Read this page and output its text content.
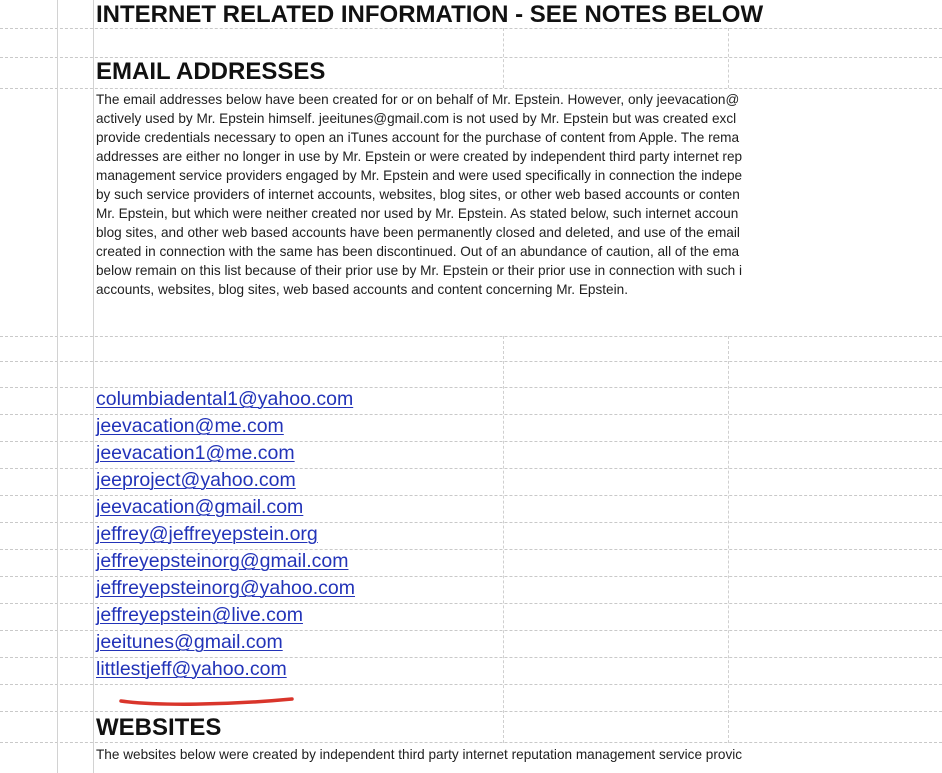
INTERNET RELATED INFORMATION - SEE NOTES BELOW
EMAIL ADDRESSES
The email addresses below have been created for or on behalf of Mr. Epstein. However, only jeevacation@
actively used by Mr. Epstein himself. jeeitunes@gmail.com is not used by Mr. Epstein but was created excl
provide credentials necessary to open an iTunes account for the purchase of content from Apple. The rema
addresses are either no longer in use by Mr. Epstein or were created by independent third party internet rep
management service providers engaged by Mr. Epstein and were used specifically in connection the indepe
by such service providers of internet accounts, websites, blog sites, or other web based accounts or conten
Mr. Epstein, but which were neither created nor used by Mr. Epstein. As stated below, such internet accoun
blog sites, and other web based accounts have been permanently closed and deleted, and use of the email
created in connection with the same has been discontinued. Out of an abundance of caution, all of the ema
below remain on this list because of their prior use by Mr. Epstein or their prior use in connection with such i
accounts, websites, blog sites, web based accounts and content concerning Mr. Epstein.
columbiadental1@yahoo.com
jeevacation@me.com
jeevacation1@me.com
jeeproject@yahoo.com
jeevacation@gmail.com
jeffrey@jeffreyepstein.org
jeffreyepsteinorg@gmail.com
jeffreyepsteinorg@yahoo.com
jeffreyepstein@live.com
jeeitunes@gmail.com
littlestjeff@yahoo.com
WEBSITES
The websites below were created by independent third party internet reputation management service provic
